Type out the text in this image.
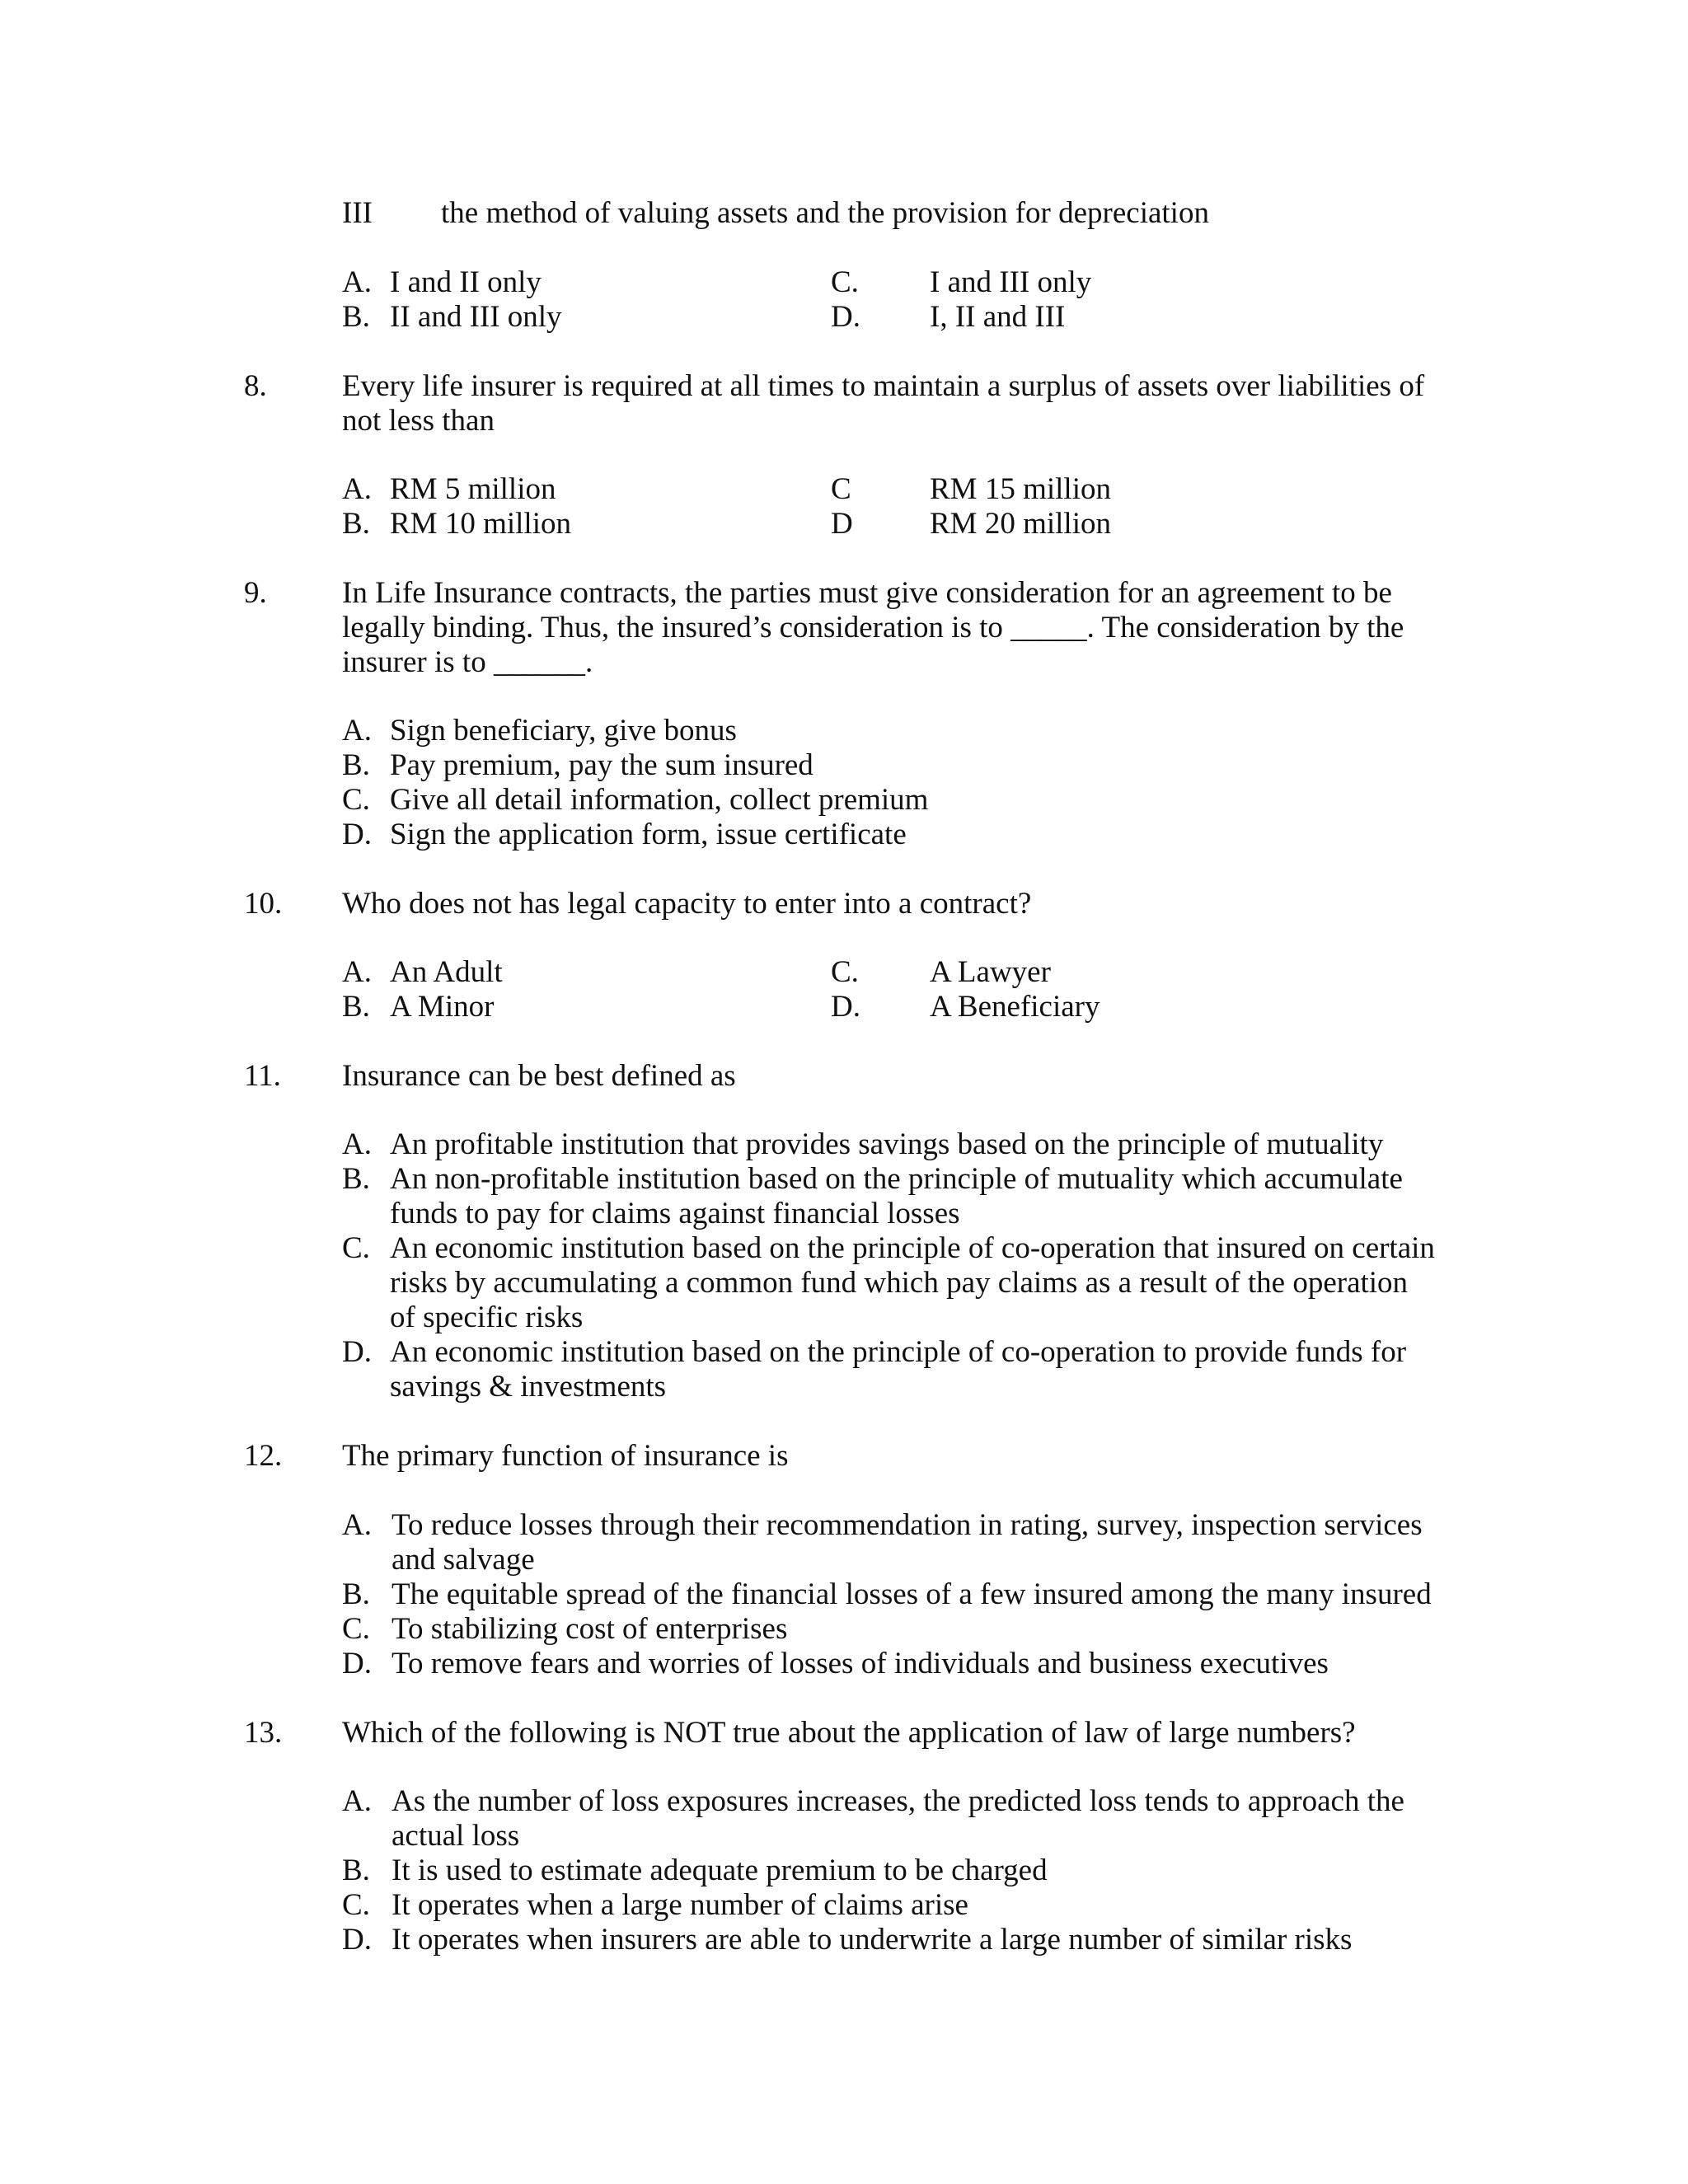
III the method of valuing assets and the provision for depreciation
A. I and II only
B. II and III only
C. I and III only
D. I, II and III
8. Every life insurer is required at all times to maintain a surplus of assets over liabilities of
not less than
A. RM 5 million
B. RM 10 million
C	RM 15 million
D	RM 20 million
9. In Life Insurance contracts, the parties must give consideration for an agreement to be
legally binding. Thus, the insured’s consideration is to _____. The consideration by the
insurer is to ______.
A. Sign beneficiary, give bonus
B. Pay premium, pay the sum insured
C. Give all detail information, collect premium
D. Sign the application form, issue certificate
10. Who does not has legal capacity to enter into a contract?
A. An Adult
B. A Minor
C. A Lawyer
D. A Beneficiary
11. Insurance can be best defined as
A. An profitable institution that provides savings based on the principle of mutuality
B. An non-profitable institution based on the principle of mutuality which accumulate
funds to pay for claims against financial losses
C. An economic institution based on the principle of co-operation that insured on certain
risks by accumulating a common fund which pay claims as a result of the operation
of specific risks
D. An economic institution based on the principle of co-operation to provide funds for
savings & investments
12. The primary function of insurance is
A. To reduce losses through their recommendation in rating, survey, inspection services
and salvage
B. The equitable spread of the financial losses of a few insured among the many insured
C. To stabilizing cost of enterprises
D. To remove fears and worries of losses of individuals and business executives
13. Which of the following is NOT true about the application of law of large numbers?
A. As the number of loss exposures increases, the predicted loss tends to approach the
actual loss
B. It is used to estimate adequate premium to be charged
C. It operates when a large number of claims arise
D. It operates when insurers are able to underwrite a large number of similar risks
